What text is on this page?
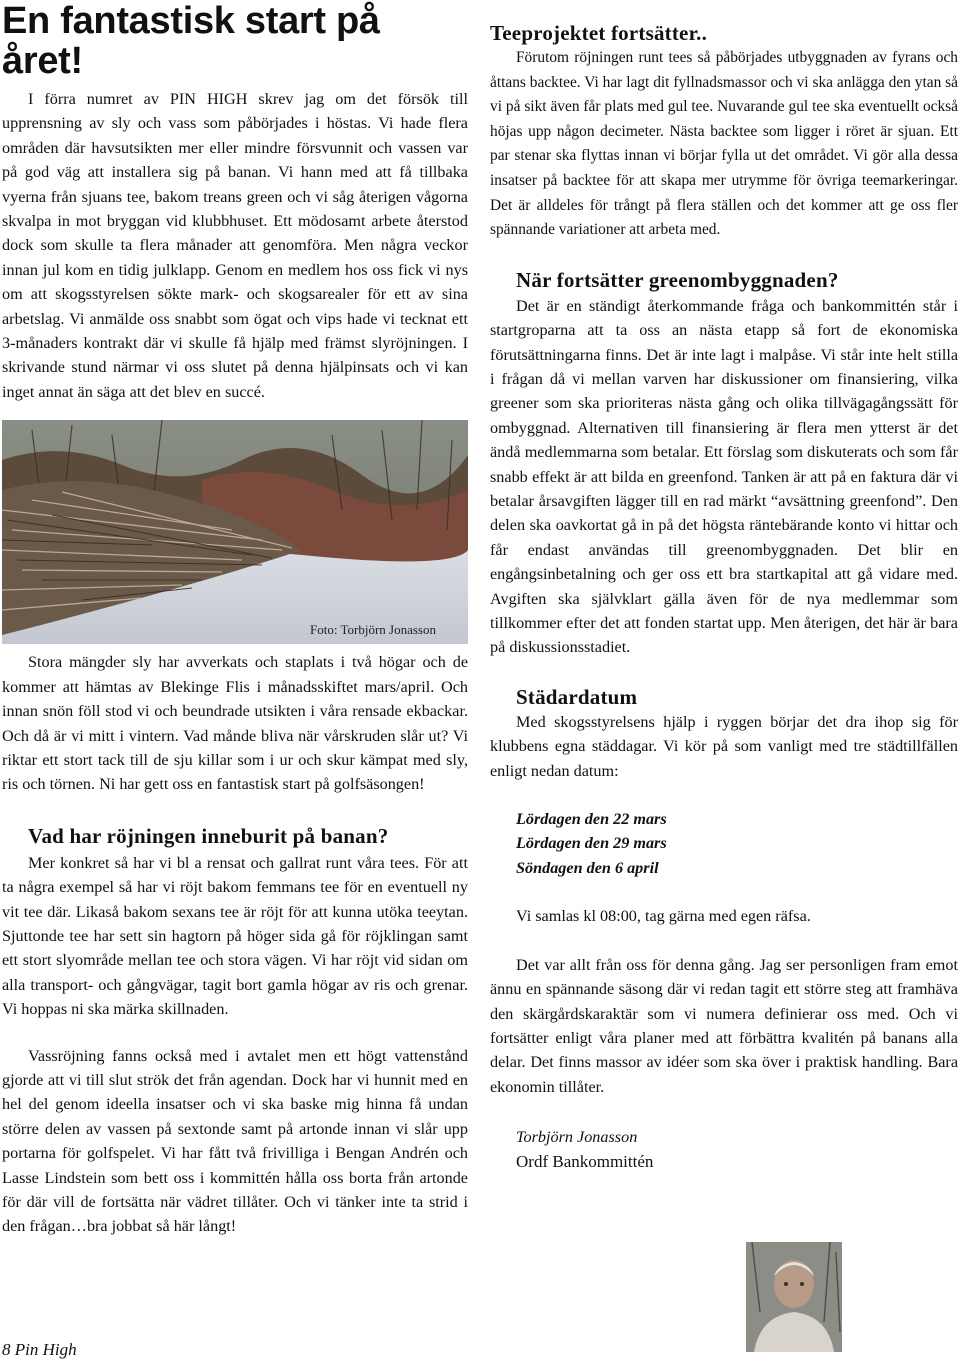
En fantastisk start på året!

I förra numret av PIN HIGH skrev jag om det försök till upprensning av sly och vass som påbörjades i höstas. Vi hade flera områden där havsutsikten mer eller mindre försvunnit och vassen var på god väg att installera sig på banan. Vi hann med att få tillbaka vyerna från sjuans tee, bakom treans green och vi såg återigen vågorna skvalpa in mot bryggan vid klubbhuset. Ett mödosamt arbete återstod dock som skulle ta flera månader att genomföra. Men några veckor innan jul kom en tidig julklapp. Genom en medlem hos oss fick vi nys om att skogsstyrelsen sökte mark- och skogsarealer för ett av sina arbetslag. Vi anmälde oss snabbt som ögat och vips hade vi tecknat ett 3-månaders kontrakt där vi skulle få hjälp med främst slyröjningen. I skrivande stund närmar vi oss slutet på denna hjälpinsats och vi kan inget annat än säga att det blev en succé.

Foto: Torbjörn Jonasson

Stora mängder sly har avverkats och staplats i två högar och de kommer att hämtas av Blekinge Flis i månadsskiftet mars/april. Och innan snön föll stod vi och beundrade utsikten i våra rensade ekbackar. Och då är vi mitt i vintern. Vad månde bliva när vårskruden slår ut? Vi riktar ett stort tack till de sju killar som i ur och skur kämpat med sly, ris och törnen. Ni har gett oss en fantastisk start på golfsäsongen!

Vad har röjningen inneburit på banan?

Mer konkret så har vi bl a rensat och gallrat runt våra tees. För att ta några exempel så har vi röjt bakom femmans tee för en eventuell ny vit tee där. Likaså bakom sexans tee är röjt för att kunna utöka teeytan. Sjuttonde tee har sett sin hagtorn på höger sida gå för röjklingan samt ett stort slyområde mellan tee och stora vägen. Vi har röjt vid sidan om alla transport- och gångvägar, tagit bort gamla högar av ris och grenar. Vi hoppas ni ska märka skillnaden.

Vassröjning fanns också med i avtalet men ett högt vattenstånd gjorde att vi till slut strök det från agendan. Dock har vi hunnit med en hel del genom ideella insatser och vi ska baske mig hinna få undan större delen av vassen på sextonde samt på artonde innan vi slår upp portarna för golfspelet. Vi har fått två frivilliga i Bengan Andrén och Lasse Lindstein som bett oss i kommittén hålla oss borta från artonde för där vill de fortsätta när vädret tillåter. Och vi tänker inte ta strid i den frågan…bra jobbat så här långt!

Teeprojektet fortsätter..

Förutom röjningen runt tees så påbörjades utbyggnaden av fyrans och åttans backtee. Vi har lagt dit fyllnadsmassor och vi ska anlägga den ytan så vi på sikt även får plats med gul tee. Nuvarande gul tee ska eventuellt också höjas upp någon decimeter. Nästa backtee som ligger i röret är sjuan. Ett par stenar ska flyttas innan vi börjar fylla ut det området. Vi gör alla dessa insatser på backtee för att skapa mer utrymme för övriga teemarkeringar. Det är alldeles för trångt på flera ställen och det kommer att ge oss fler spännande variationer att arbeta med.

När fortsätter greenombyggnaden?

Det är en ständigt återkommande fråga och bankommittén står i startgroparna att ta oss an nästa etapp så fort de ekonomiska förutsättningarna finns. Det är inte lagt i malpåse. Vi står inte helt stilla i frågan då vi mellan varven har diskussioner om finansiering, vilka greener som ska prioriteras nästa gång och olika tillvägagångssätt för ombyggnad. Alternativen till finansiering är flera men ytterst är det ändå medlemmarna som betalar. Ett förslag som diskuterats och som får snabb effekt är att bilda en greenfond. Tanken är att på en faktura där vi betalar årsavgiften lägger till en rad märkt “avsättning greenfond”. Den delen ska oavkortat gå in på det högsta räntebärande konto vi hittar och får endast användas till greenombyggnaden. Det blir en engångsinbetalning och ger oss ett bra startkapital att gå vidare med. Avgiften ska självklart gälla även för de nya medlemmar som tillkommer efter det att fonden startat upp. Men återigen, det här är bara på diskussionsstadiet.

Städardatum

Med skogsstyrelsens hjälp i ryggen börjar det dra ihop sig för klubbens egna städdagar. Vi kör på som vanligt med tre städtillfällen enligt nedan datum:

Lördagen den 22 mars

Lördagen den 29 mars

Söndagen den 6 april

Vi samlas kl 08:00, tag gärna med egen räfsa.

Det var allt från oss för denna gång. Jag ser personligen fram emot ännu en spännande säsong där vi redan tagit ett större steg att framhäva den skärgårdskaraktär som vi numera definierar oss med. Och vi fortsätter enligt våra planer med att förbättra kvalitén på banans alla delar. Det finns massor av idéer som ska över i praktisk handling. Bara ekonomin tillåter.

Torbjörn Jonasson

Ordf Bankommittén

8 Pin High
